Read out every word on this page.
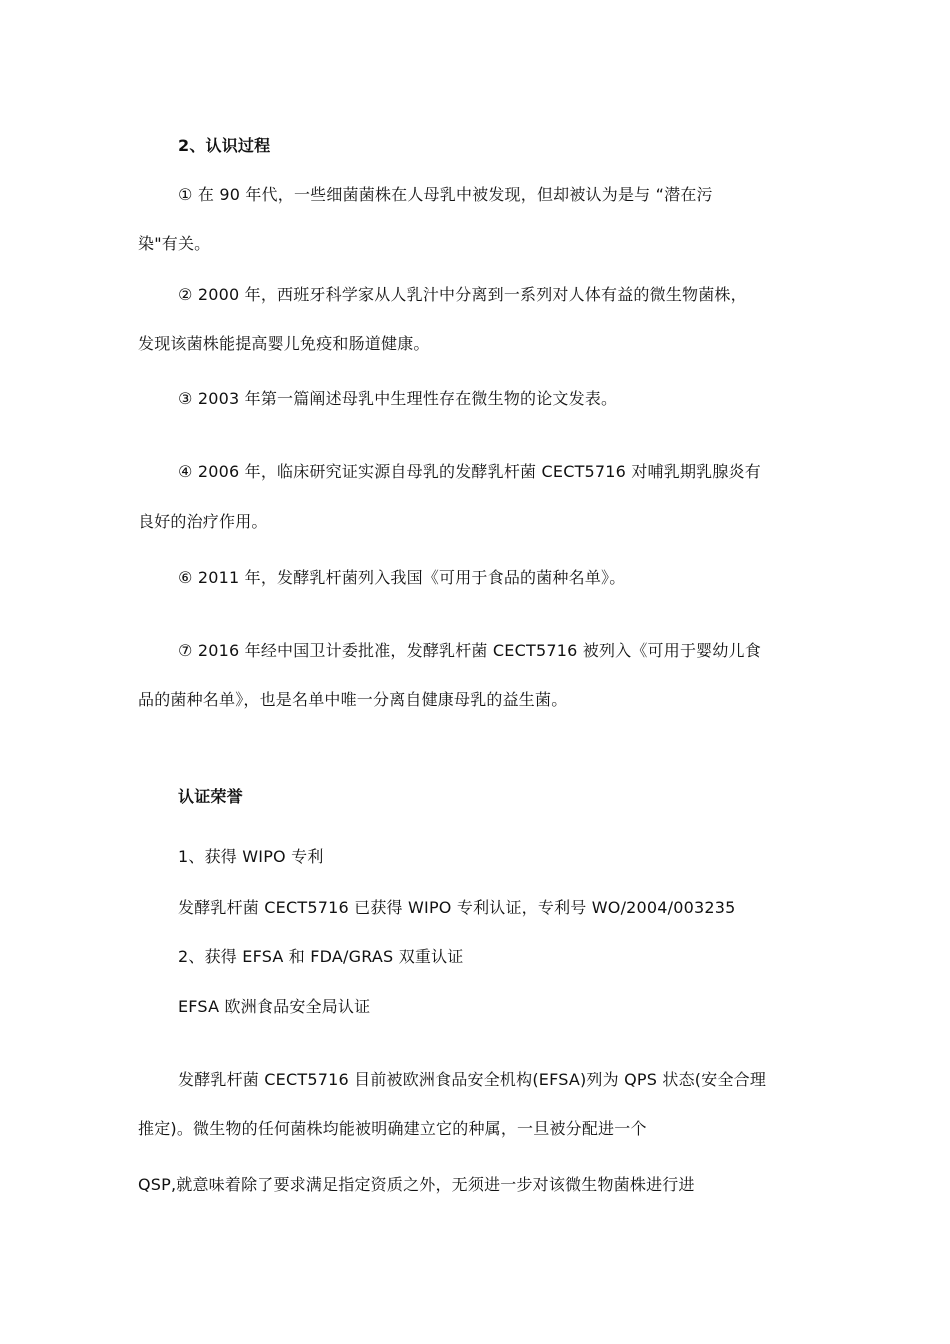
2、认识过程
① 在 90 年代，一些细菌菌株在人母乳中被发现，但却被认为是与 “潜在污
染"有关。
② 2000 年，西班牙科学家从人乳汁中分离到一系列对人体有益的微生物菌株，
发现该菌株能提高婴儿免疫和肠道健康。
③ 2003 年第一篇阐述母乳中生理性存在微生物的论文发表。
④ 2006 年，临床研究证实源自母乳的发酵乳杆菌 CECT5716 对哺乳期乳腺炎有
良好的治疗作用。
⑥ 2011 年，发酵乳杆菌列入我国《可用于食品的菌种名单》。
⑦ 2016 年经中国卫计委批准，发酵乳杆菌 CECT5716 被列入《可用于婴幼儿食
品的菌种名单》，也是名单中唯一分离自健康母乳的益生菌。
认证荣誉
1、获得 WIPO 专利
发酵乳杆菌 CECT5716 已获得 WIPO 专利认证，专利号 WO/2004/003235
2、获得 EFSA 和 FDA/GRAS 双重认证
EFSA 欧洲食品安全局认证
发酵乳杆菌 CECT5716 目前被欧洲食品安全机构(EFSA)列为 QPS 状态(安全合理
推定)。微生物的任何菌株均能被明确建立它的种属，一旦被分配进一个
QSP,就意味着除了要求满足指定资质之外，无须进一步对该微生物菌株进行进
